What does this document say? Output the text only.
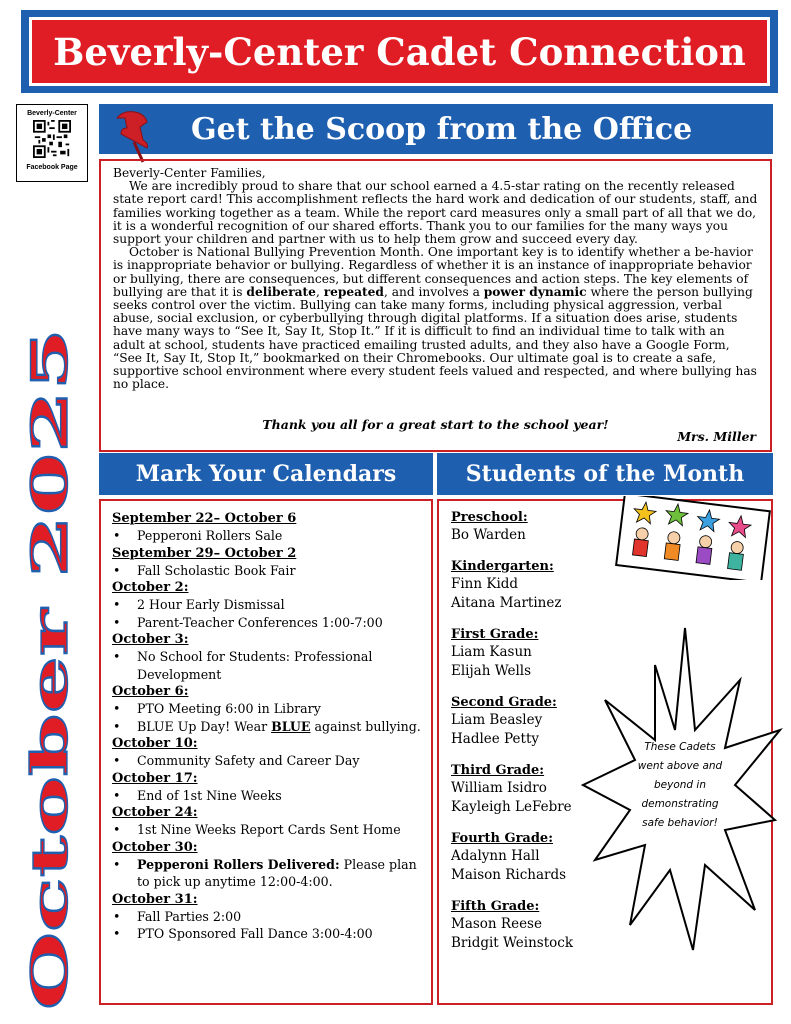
Beverly-Center Cadet Connection
Beverly-Center
Facebook Page
October 2025
Get the Scoop from the Office

Beverly-Center Families,

We are incredibly proud to share that our school earned a 4.5-star rating on the recently released state report card! This accomplishment reflects the hard work and dedication of our students, staff, and families working together as a team. While the report card measures only a small part of all that we do, it is a wonderful recognition of our shared efforts. Thank you to our families for the many ways you support your children and partner with us to help them grow and succeed every day.

October is National Bullying Prevention Month. One important key is to identify whether a be-havior is inappropriate behavior or bullying. Regardless of whether it is an instance of inappropriate behavior or bullying, there are consequences, but different consequences and action steps. The key elements of bullying are that it is deliberate, repeated, and involves a power dynamic where the person bullying seeks control over the victim. Bullying can take many forms, including physical aggression, verbal abuse, social exclusion, or cyberbullying through digital platforms. If a situation does arise, students have many ways to “See It, Say It, Stop It.” If it is difficult to find an individual time to talk with an adult at school, students have practiced emailing trusted adults, and they also have a Google Form, “See It, Say It, Stop It,” bookmarked on their Chromebooks. Our ultimate goal is to create a safe, supportive school environment where every student feels valued and respected, and where bullying has no place.

Thank you all for a great start to the school year!
Mrs. Miller
Mark Your Calendars	Students of the Month
September 22– October 6
• Pepperoni Rollers Sale
September 29– October 2
• Fall Scholastic Book Fair
October 2:
• 2 Hour Early Dismissal
• Parent-Teacher Conferences 1:00-7:00
October 3:
• No School for Students: Professional Development
October 6:
• PTO Meeting 6:00 in Library
• BLUE Up Day! Wear BLUE against bullying.
October 10:
• Community Safety and Career Day
October 17:
• End of 1st Nine Weeks
October 24:
• 1st Nine Weeks Report Cards Sent Home
October 30:
• Pepperoni Rollers Delivered: Please plan to pick up anytime 12:00-4:00.
October 31:
• Fall Parties 2:00
• PTO Sponsored Fall Dance 3:00-4:00
Preschool:
Bo Warden
Kindergarten:
Finn Kidd
Aitana Martinez
First Grade:
Liam Kasun
Elijah Wells
Second Grade:
Liam Beasley
Hadlee Petty
Third Grade:
William Isidro
Kayleigh LeFebre
Fourth Grade:
Adalynn Hall
Maison Richards
Fifth Grade:
Mason Reese
Bridgit Weinstock
These Cadets
went above and
beyond in
demonstrating
safe behavior!
